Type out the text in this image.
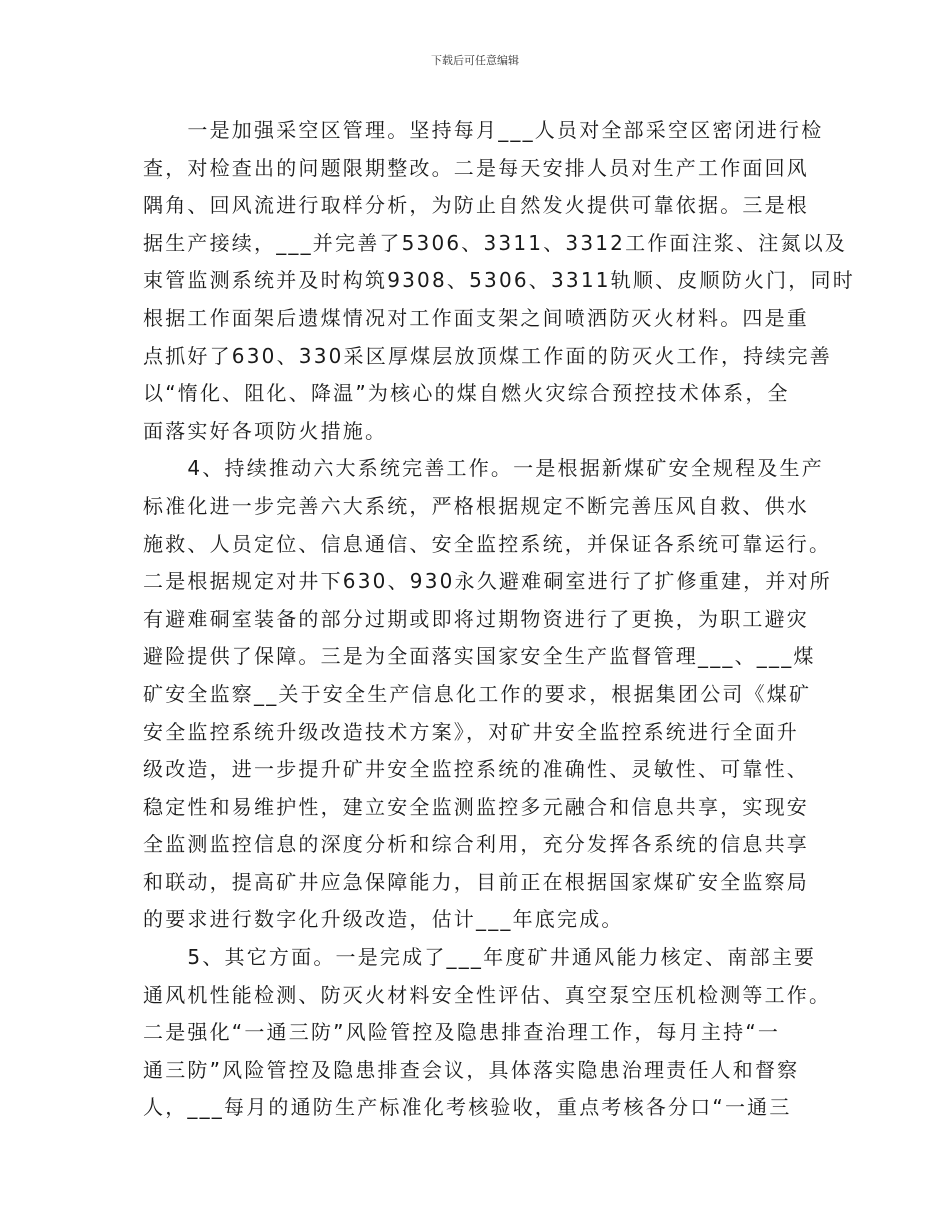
下载后可任意编辑
　　一是加强采空区管理。坚持每月___人员对全部采空区密闭进行检
查，对检查出的问题限期整改。二是每天安排人员对生产工作面回风
隅角、回风流进行取样分析，为防止自然发火提供可靠依据。三是根
据生产接续，___并完善了5306、3311、3312工作面注浆、注氮以及
束管监测系统并及时构筑9308、5306、3311轨顺、皮顺防火门，同时
根据工作面架后遗煤情况对工作面支架之间喷洒防灭火材料。四是重
点抓好了630、330采区厚煤层放顶煤工作面的防灭火工作，持续完善
以“惰化、阻化、降温”为核心的煤自燃火灾综合预控技术体系，全
面落实好各项防火措施。
　　4、持续推动六大系统完善工作。一是根据新煤矿安全规程及生产
标准化进一步完善六大系统，严格根据规定不断完善压风自救、供水
施救、人员定位、信息通信、安全监控系统，并保证各系统可靠运行。
二是根据规定对井下630、930永久避难硐室进行了扩修重建，并对所
有避难硐室装备的部分过期或即将过期物资进行了更换，为职工避灾
避险提供了保障。三是为全面落实国家安全生产监督管理___、___煤
矿安全监察__关于安全生产信息化工作的要求，根据集团公司《煤矿
安全监控系统升级改造技术方案》，对矿井安全监控系统进行全面升
级改造，进一步提升矿井安全监控系统的准确性、灵敏性、可靠性、
稳定性和易维护性，建立安全监测监控多元融合和信息共享，实现安
全监测监控信息的深度分析和综合利用，充分发挥各系统的信息共享
和联动，提高矿井应急保障能力，目前正在根据国家煤矿安全监察局
的要求进行数字化升级改造，估计___年底完成。
　　5、其它方面。一是完成了___年度矿井通风能力核定、南部主要
通风机性能检测、防灭火材料安全性评估、真空泵空压机检测等工作。
二是强化“一通三防”风险管控及隐患排查治理工作，每月主持“一
通三防”风险管控及隐患排查会议，具体落实隐患治理责任人和督察
人，___每月的通防生产标准化考核验收，重点考核各分口“一通三
